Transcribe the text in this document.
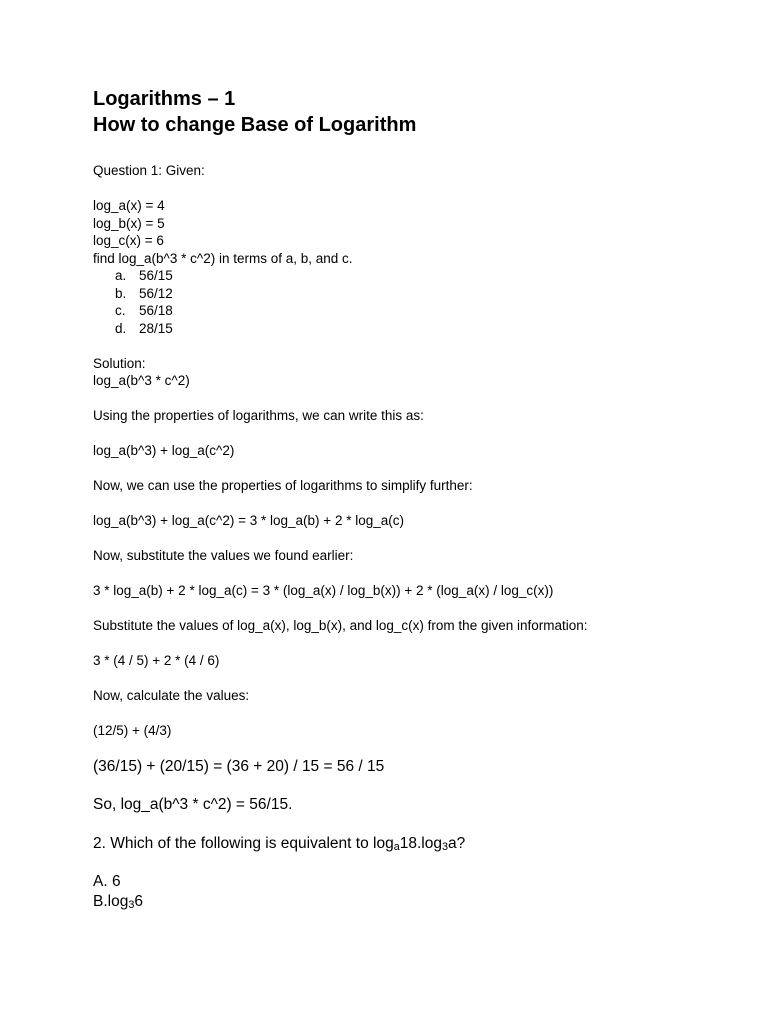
Logarithms – 1
How to change Base of Logarithm
Question 1: Given:
log_a(x) = 4
log_b(x) = 5
log_c(x) = 6
find log_a(b^3 * c^2) in terms of a, b, and c.
a. 56/15
b. 56/12
c. 56/18
d. 28/15
Solution:
log_a(b^3 * c^2)
Using the properties of logarithms, we can write this as:
log_a(b^3) + log_a(c^2)
Now, we can use the properties of logarithms to simplify further:
log_a(b^3) + log_a(c^2) = 3 * log_a(b) + 2 * log_a(c)
Now, substitute the values we found earlier:
3 * log_a(b) + 2 * log_a(c) = 3 * (log_a(x) / log_b(x)) + 2 * (log_a(x) / log_c(x))
Substitute the values of log_a(x), log_b(x), and log_c(x) from the given information:
3 * (4 / 5) + 2 * (4 / 6)
Now, calculate the values:
(12/5) + (4/3)
(36/15) + (20/15) = (36 + 20) / 15 = 56 / 15
So, log_a(b^3 * c^2) = 56/15.
2. Which of the following is equivalent to $\log_a18.\log_3a$?
A. 6
$B.\log_36$
